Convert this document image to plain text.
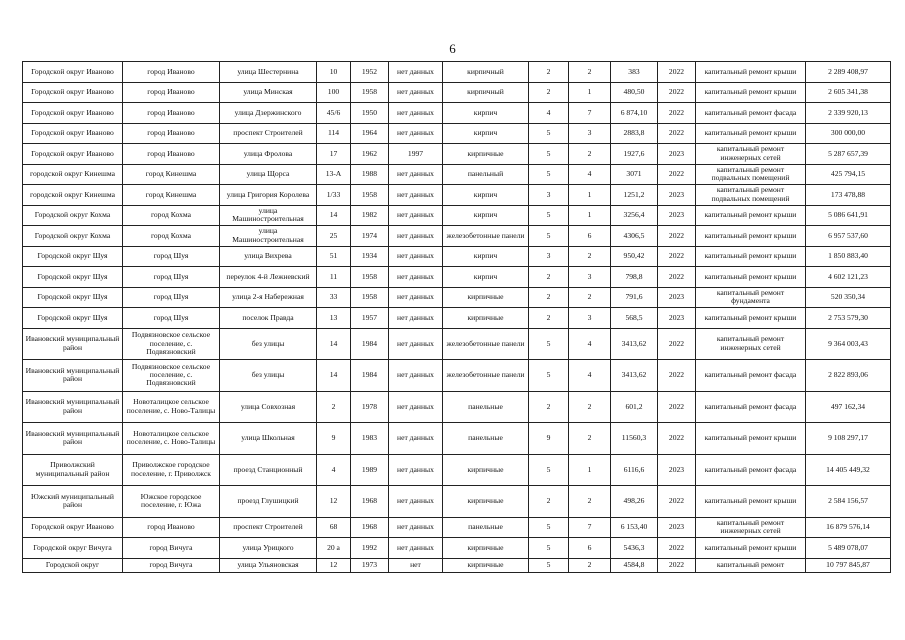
6
Городской округ Иваново	город Иваново	улица Шестернина	10	1952	нет данных	кирпичный	2	2	383	2022	капитальный ремонт крыши	2 289 408,97
Городской округ Иваново	город Иваново	улица Минская	100	1958	нет данных	кирпичный	2	1	480,50	2022	капитальный ремонт крыши	2 605 341,38
Городской округ Иваново	город Иваново	улица Дзержинского	45/6	1950	нет данных	кирпич	4	7	6 874,10	2022	капитальный ремонт фасада	2 339 920,13
Городской округ Иваново	город Иваново	проспект Строителей	114	1964	нет данных	кирпич	5	3	2883,8	2022	капитальный ремонт крыши	300 000,00
Городской округ Иваново	город Иваново	улица Фролова	17	1962	1997	кирпичные	5	2	1927,6	2023	капитальный ремонт инженерных сетей	5 287 657,39
городской округ Кинешма	город Кинешма	улица Щорса	13-А	1988	нет данных	панельный	5	4	3071	2022	капитальный ремонт подвальных помещений	425 794,15
городской округ Кинешма	город Кинешма	улица Григория Королева	1/33	1958	нет данных	кирпич	3	1	1251,2	2023	капитальный ремонт подвальных помещений	173 478,88
Городской округ Кохма	город Кохма	улица Машиностроительная	14	1982	нет данных	кирпич	5	1	3256,4	2023	капитальный ремонт крыши	5 086 641,91
Городской округ Кохма	город Кохма	улица Машиностроительная	25	1974	нет данных	железобетонные панели	5	6	4306,5	2022	капитальный ремонт крыши	6 957 537,60
Городской округ Шуя	город Шуя	улица Вихрева	51	1934	нет данных	кирпич	3	2	950,42	2022	капитальный ремонт крыши	1 850 883,40
Городской округ Шуя	город Шуя	переулок 4-й Лежневский	11	1958	нет данных	кирпич	2	3	798,8	2022	капитальный ремонт крыши	4 602 121,23
Городской округ Шуя	город Шуя	улица 2-я Набережная	33	1958	нет данных	кирпичные	2	2	791,6	2023	капитальный ремонт фундамента	520 350,34
Городской округ Шуя	город Шуя	поселок Правда	13	1957	нет данных	кирпичные	2	3	568,5	2023	капитальный ремонт крыши	2 753 579,30
Ивановский муниципальный район	Подвязновское сельское поселение, с. Подвязновский	без улицы	14	1984	нет данных	железобетонные панели	5	4	3413,62	2022	капитальный ремонт инженерных сетей	9 364 003,43
Ивановский муниципальный район	Подвязновское сельское поселение, с. Подвязновский	без улицы	14	1984	нет данных	железобетонные панели	5	4	3413,62	2022	капитальный ремонт фасада	2 822 893,06
Ивановский муниципальный район	Новоталицкое сельское поселение, с. Ново-Талицы	улица Совхозная	2	1978	нет данных	панельные	2	2	601,2	2022	капитальный ремонт фасада	497 162,34
Ивановский муниципальный район	Новоталицкое сельское поселение, с. Ново-Талицы	улица Школьная	9	1983	нет данных	панельные	9	2	11560,3	2022	капитальный ремонт крыши	9 108 297,17
Приволжский муниципальный район	Приволжское городское поселение, г. Приволжск	проезд Станционный	4	1989	нет данных	кирпичные	5	1	6116,6	2023	капитальный ремонт фасада	14 405 449,32
Южский муниципальный район	Южское городское поселение, г. Южа	проезд Глушицкий	12	1968	нет данных	кирпичные	2	2	498,26	2022	капитальный ремонт крыши	2 584 156,57
Городской округ Иваново	город Иваново	проспект Строителей	68	1968	нет данных	панельные	5	7	6 153,40	2023	капитальный ремонт инженерных сетей	16 879 576,14
Городской округ Вичуга	город Вичуга	улица Урицкого	20 а	1992	нет данных	кирпичные	5	6	5436,3	2022	капитальный ремонт крыши	5 489 078,07
Городской округ	город Вичуга	улица Ульяновская	12	1973	нет	кирпичные	5	2	4584,8	2022	капитальный ремонт	10 797 845,87
